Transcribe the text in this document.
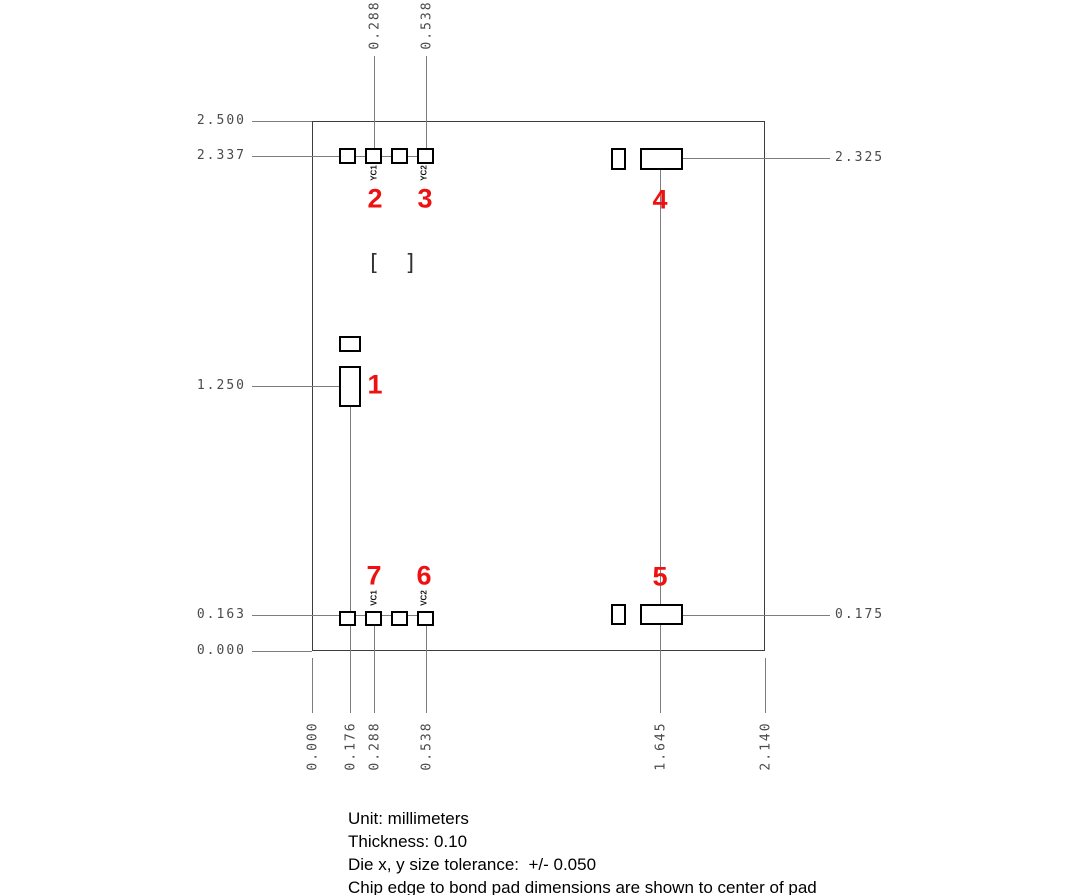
[ ]
2.500
2.337
1.250
0.163
0.000
2.325
0.175
0.288	0.538
0.000 0.176 0.288	0.538	1.645	2.140
1
2 3	4
5
6
7
YC1	YC2
VC1	VC2
Unit: millimeters
Thickness: 0.10
Die x, y size tolerance:  +/- 0.050
Chip edge to bond pad dimensions are shown to center of pad
